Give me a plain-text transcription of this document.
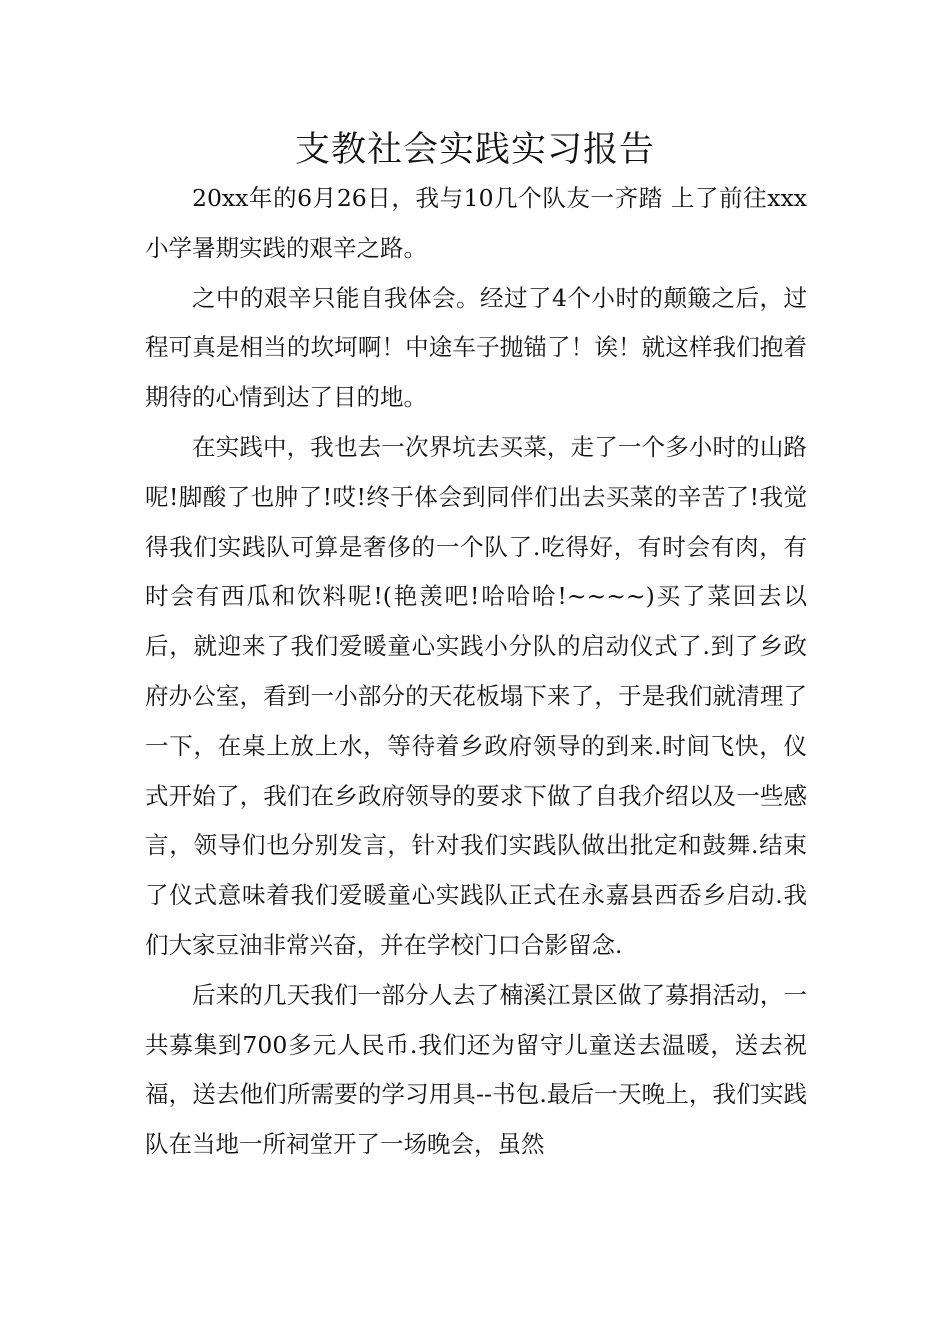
支教社会实践实习报告

20xx年的6月26日，我与10几个队友一齐踏 上了前往xxx小学暑期实践的艰辛之路。

之中的艰辛只能自我体会。经过了4个小时的颠簸之后，过程可真是相当的坎坷啊！中途车子抛锚了！诶！就这样我们抱着期待的心情到达了目的地。

在实践中，我也去一次界坑去买菜，走了一个多小时的山路呢!脚酸了也肿了!哎!终于体会到同伴们出去买菜的辛苦了!我觉得我们实践队可算是奢侈的一个队了.吃得好，有时会有肉，有时会有西瓜和饮料呢!(艳羡吧!哈哈哈!~~~~)买了菜回去以后，就迎来了我们爱暖童心实践小分队的启动仪式了.到了乡政府办公室，看到一小部分的天花板塌下来了，于是我们就清理了一下，在桌上放上水，等待着乡政府领导的到来.时间飞快，仪式开始了，我们在乡政府领导的要求下做了自我介绍以及一些感言，领导们也分别发言，针对我们实践队做出批定和鼓舞.结束了仪式意味着我们爱暖童心实践队正式在永嘉县西岙乡启动.我们大家豆油非常兴奋，并在学校门口合影留念.

后来的几天我们一部分人去了楠溪江景区做了募捐活动，一共募集到700多元人民币.我们还为留守儿童送去温暖，送去祝福，送去他们所需要的学习用具--书包.最后一天晚上，我们实践队在当地一所祠堂开了一场晚会，虽然
